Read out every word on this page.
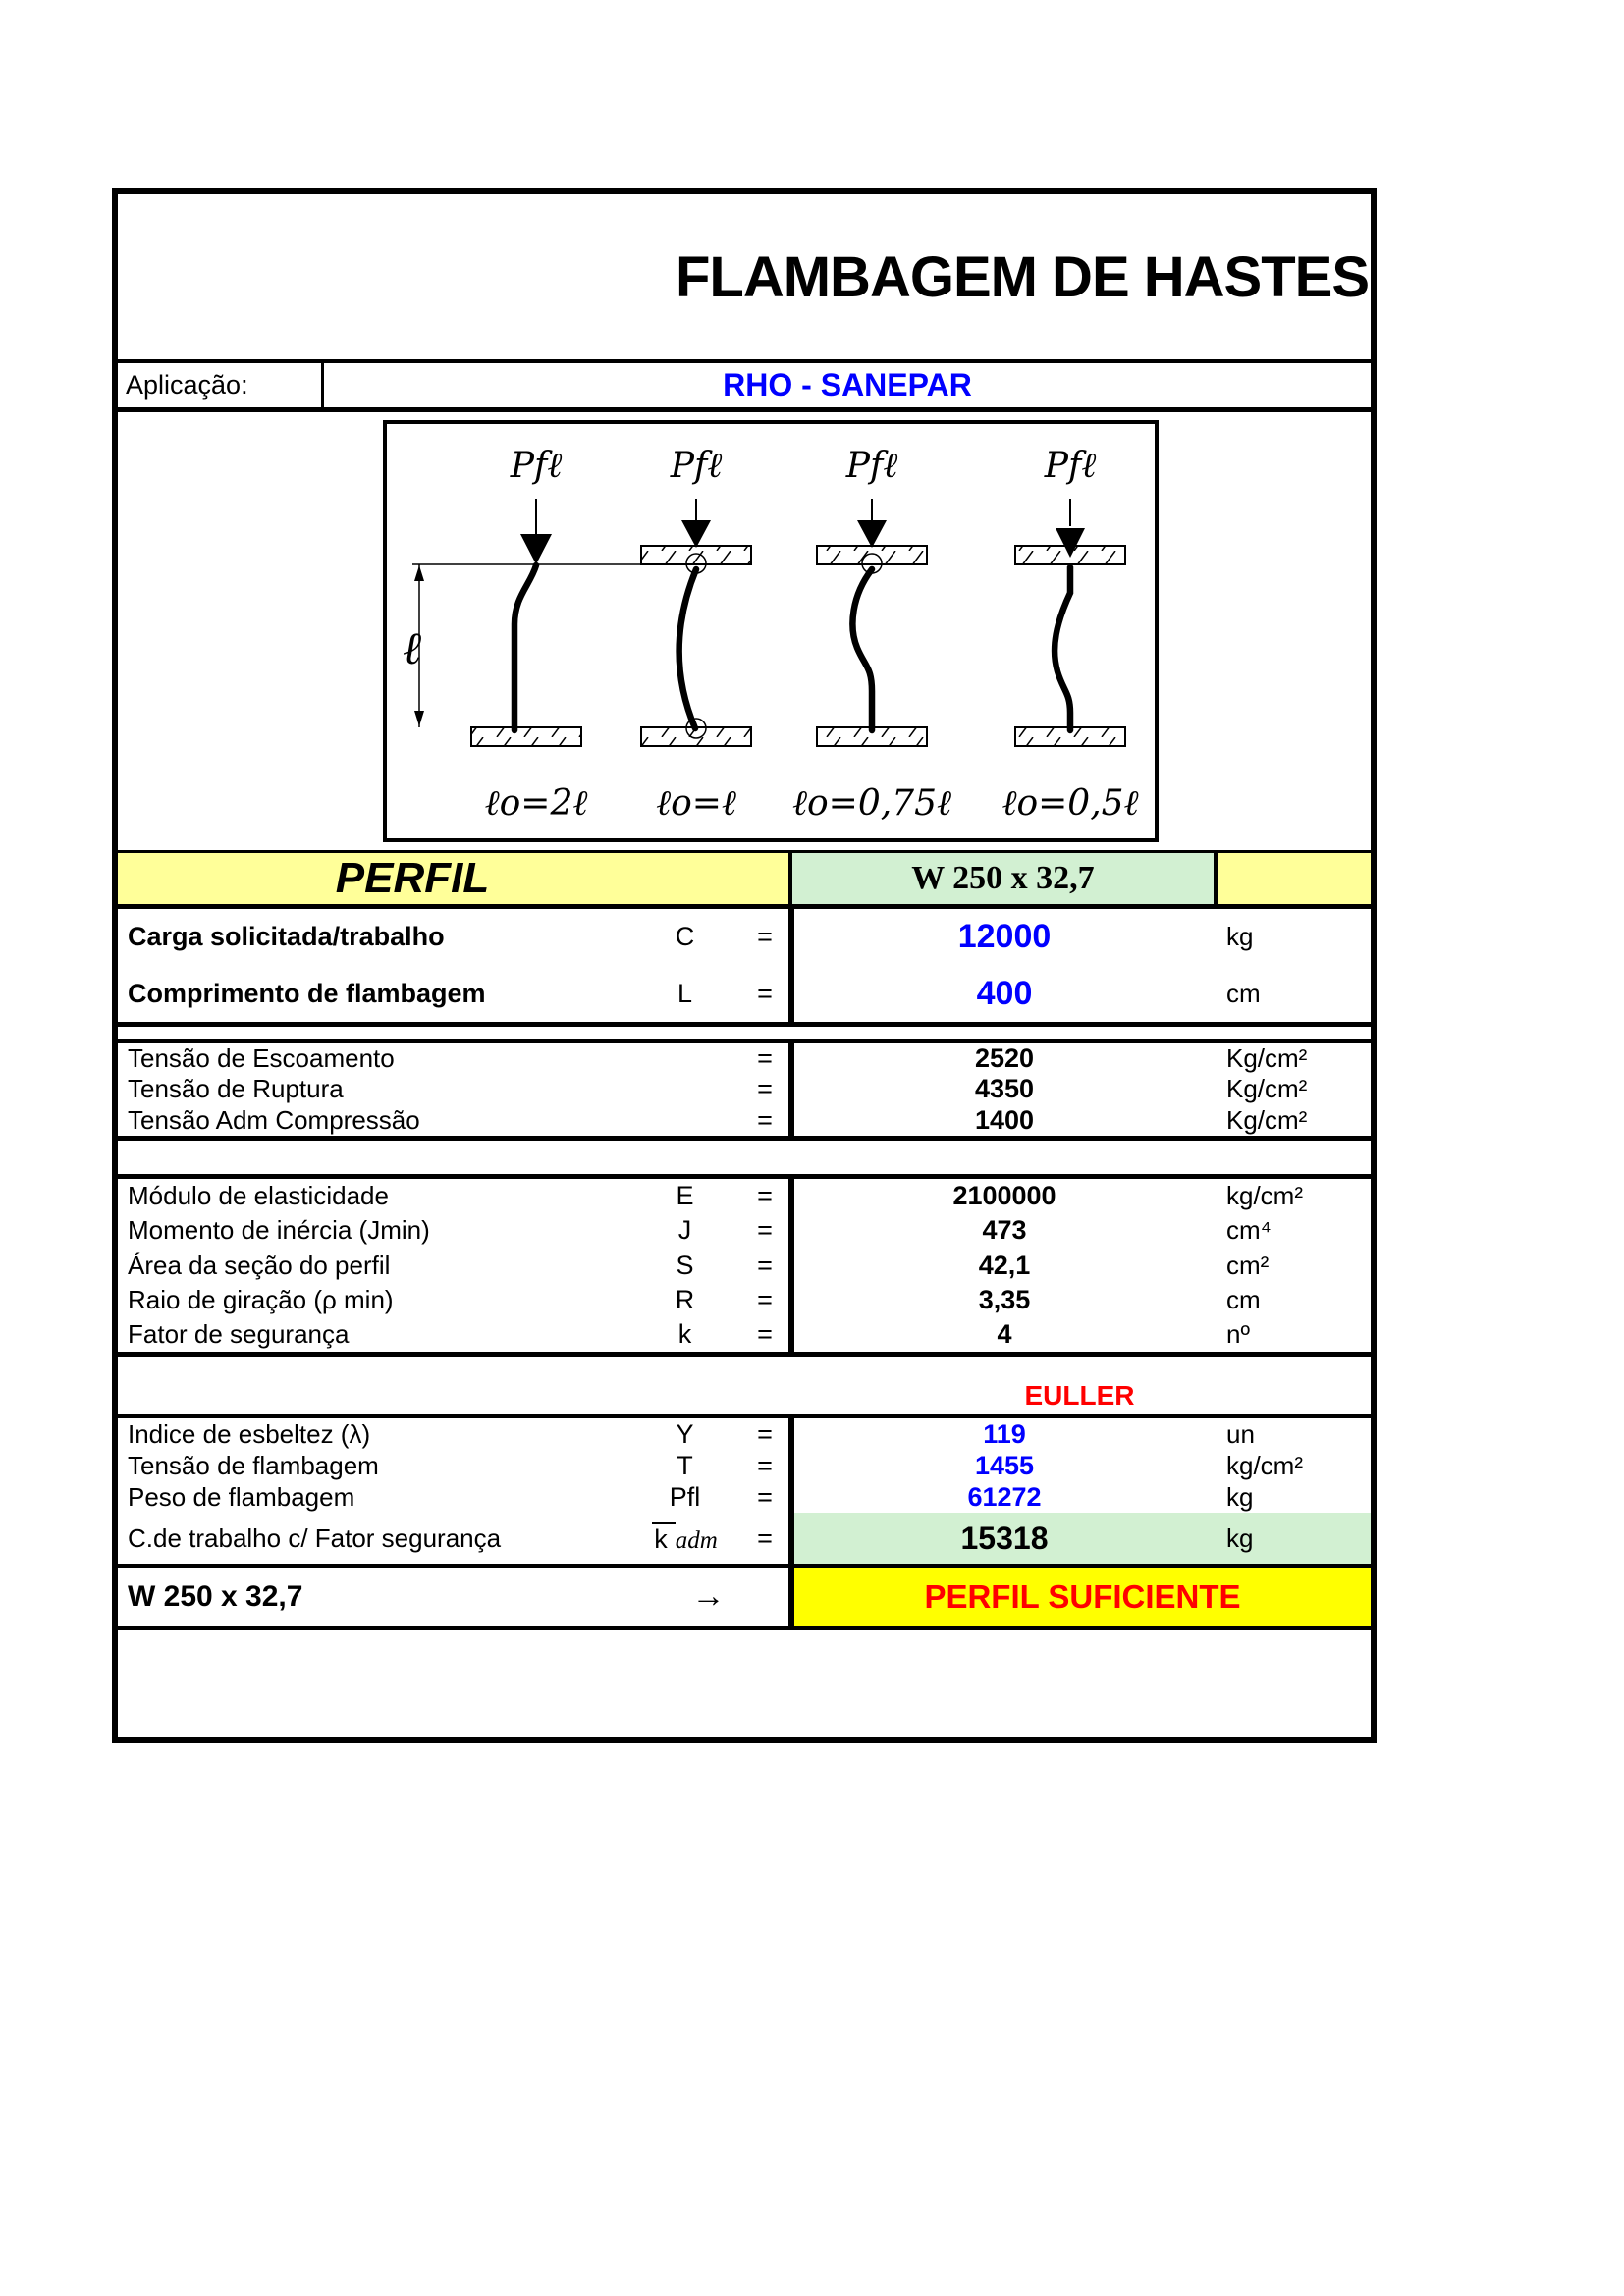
FLAMBAGEM DE HASTES
Aplicação:	RHO - SANEPAR
Pfℓ	Pfℓ	Pfℓ	Pfℓ
ℓ
ℓo=2ℓ ℓo=ℓ ℓo=0,75ℓ ℓo=0,5ℓ
PERFIL	W 250 x 32,7
Carga solicitada/trabalho	C	=	12000	kg
Comprimento de flambagem	L	=	400	cm
Tensão de Escoamento	=	2520	Kg/cm²
Tensão de Ruptura	=	4350	Kg/cm²
Tensão Adm Compressão	=	1400	Kg/cm²
Módulo de elasticidade	E	=	2100000	kg/cm²
Momento de inércia (Jmin)	J	=	473	cm⁴
Área da seção do perfil	S	=	42,1	cm²
Raio de giração (ρ min)	R	=	3,35	cm
Fator de segurança	k	=	4	nº
EULLER
Indice de esbeltez (λ)	Y	=	119	un
Tensão de flambagem	T	=	1455	kg/cm²
Peso de flambagem	Pfl	=	61272	kg
C.de trabalho c/ Fator segurança	k adm	=	15318	kg
W 250 x 32,7	→	PERFIL SUFICIENTE
